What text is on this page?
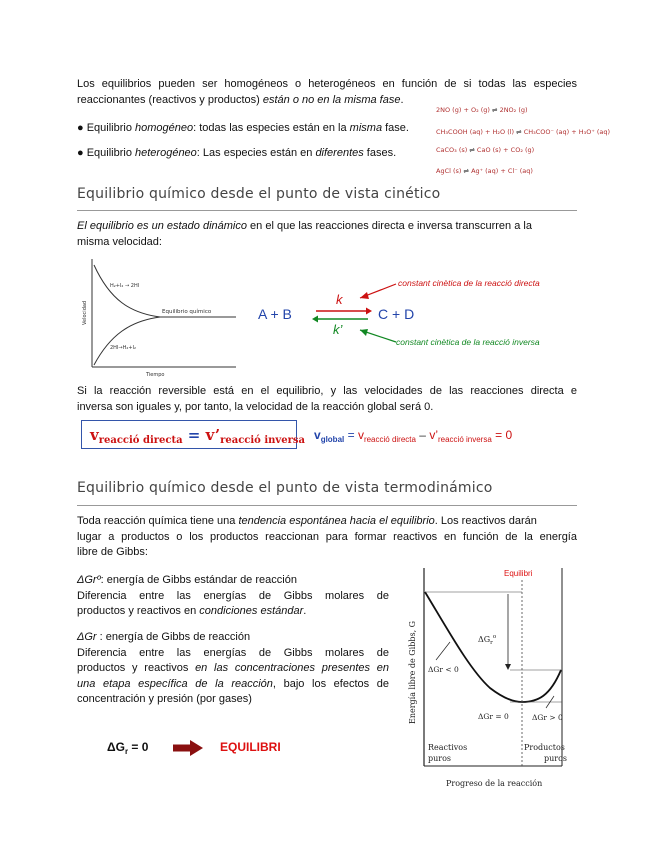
Los equilibrios pueden ser homogéneos o heterogéneos en función de si todas las especies
reaccionantes (reactivos y productos) están o no en la misma fase.
● Equilibrio homogéneo: todas las especies están en la misma fase.
● Equilibrio heterogéneo: Las especies están en diferentes fases.
2NO (g) + O₂ (g) ⇌ 2NO₂ (g)
CH₃COOH (aq) + H₂O (l) ⇌ CH₃COO⁻ (aq) + H₃O⁺ (aq)
CaCO₃ (s) ⇌ CaO (s) + CO₂ (g)
AgCl (s) ⇌ Ag⁺ (aq) + Cl⁻ (aq)
Equilibrio químico desde el punto de vista cinético
El equilibrio es un estado dinámico en el que las reacciones directa e inversa transcurren a la
misma velocidad:
Velocidad
Tiempo
H₂+I₂ → 2HI
2HI→H₂+I₂
Equilibrio químico	A + B	C + D
k
k’
constant cinètica de la reacció directa
constant cinètica de la reacció inversa
Si la reacción reversible está en el equilibrio, y las velocidades de las reacciones directa e
inversa son iguales y, por tanto, la velocidad de la reacción global será 0.
vreacció directa = v’reacció inversa $v_{global} = v_{reacció directa}$ – $v’_{reacció inversa} = 0$
Equilibrio químico desde el punto de vista termodinámico
Toda reacción química tiene una tendencia espontánea hacia el equilibrio. Los reactivos darán
lugar a productos o los productos reaccionan para formar reactivos en función de la energía
libre de Gibbs:
ΔGrº: energía de Gibbs estándar de reacción
Diferencia entre las energías de Gibbs molares de
productos y reactivos en condiciones estándar.
ΔGr : energía de Gibbs de reacción
Diferencia entre las energías de Gibbs molares de
productos y reactivos en las concentraciones presentes en
una etapa específica de la reacción, bajo los efectos de
concentración y presión (por gases)
$\Delta G_r = 0$	EQUILIBRI
Equilibri
Energía libre de Gibbs, G	$\Delta G_r^o$
ΔGr < 0
ΔGr = 0	ΔGr > 0
Reactivos
puros
Productos
puros
Progreso de la reacción
